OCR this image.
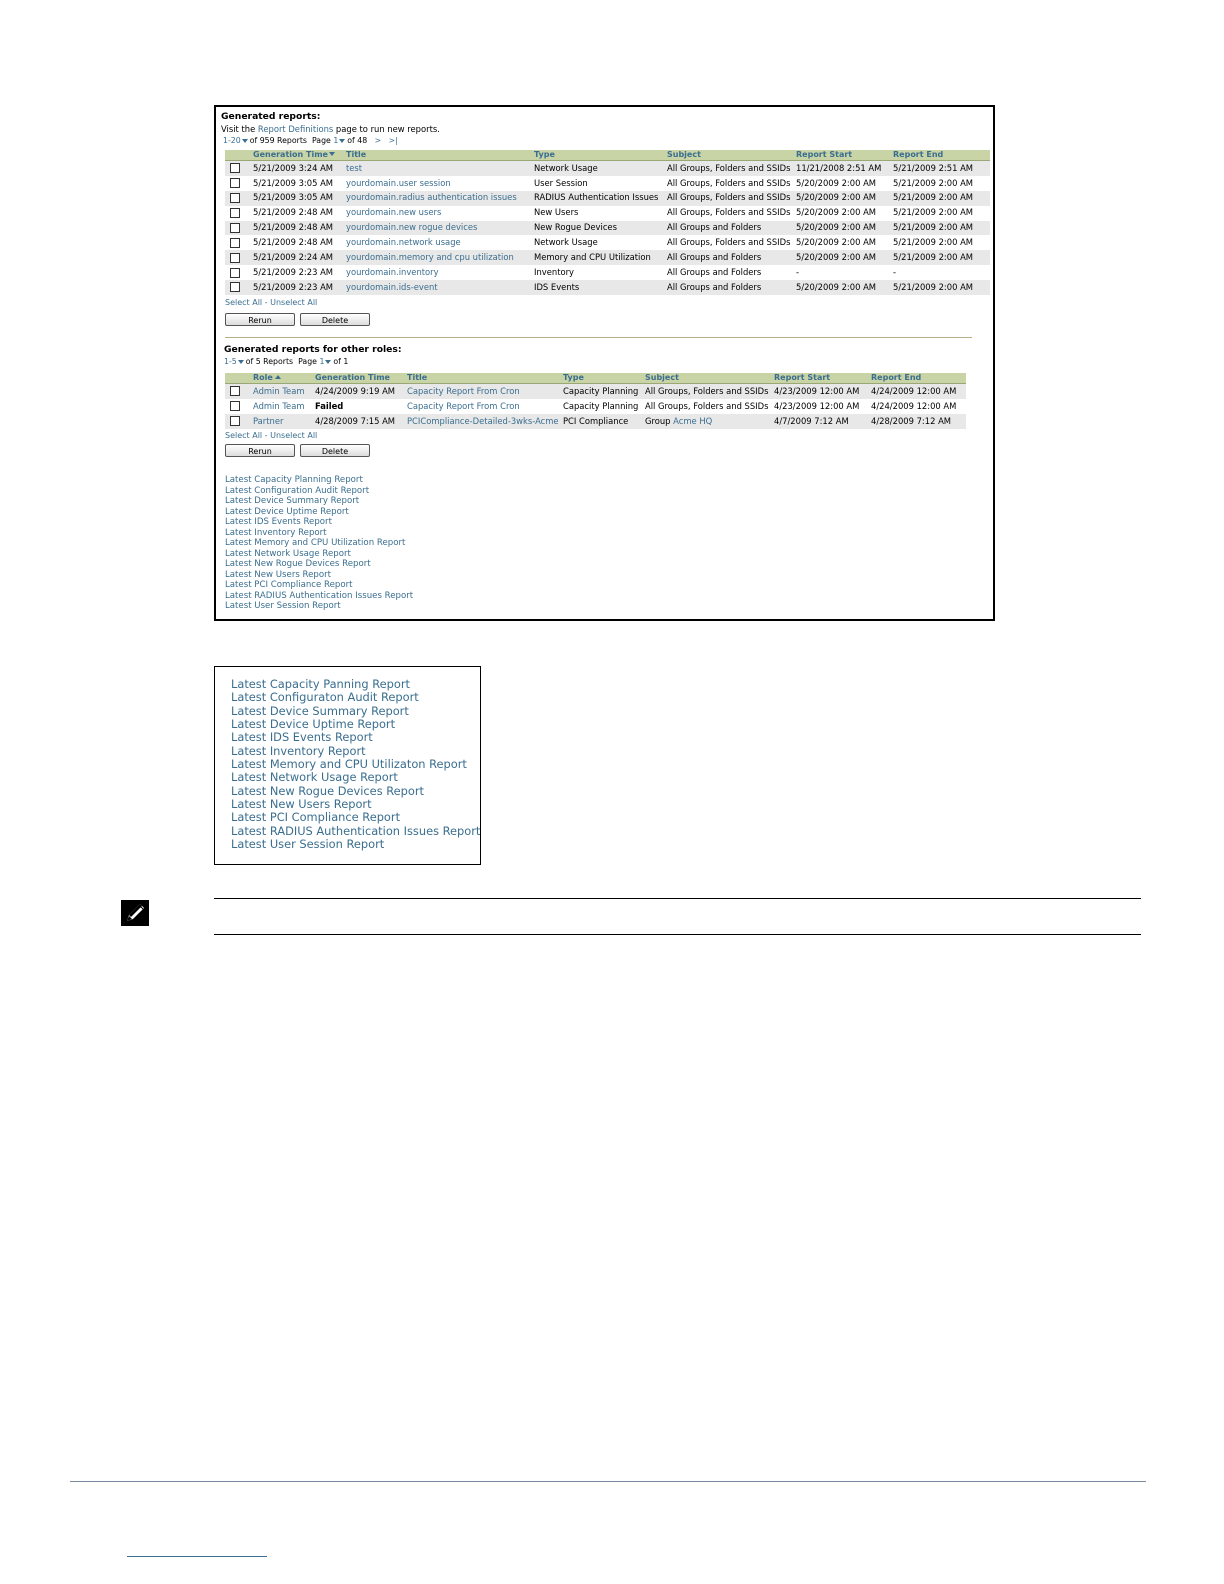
Generated reports:
Visit the Report Definitions page to run new reports.
1-20 of 959 Reports Page 1 of 48 > >|
	Generation Time	Title	Type	Subject	Report Start	Report End
	5/21/2009 3:24 AM	test	Network Usage	All Groups, Folders and SSIDs	11/21/2008 2:51 AM	5/21/2009 2:51 AM
	5/21/2009 3:05 AM	yourdomain.user session	User Session	All Groups, Folders and SSIDs	5/20/2009 2:00 AM	5/21/2009 2:00 AM
	5/21/2009 3:05 AM	yourdomain.radius authentication issues	RADIUS Authentication Issues	All Groups, Folders and SSIDs	5/20/2009 2:00 AM	5/21/2009 2:00 AM
	5/21/2009 2:48 AM	yourdomain.new users	New Users	All Groups, Folders and SSIDs	5/20/2009 2:00 AM	5/21/2009 2:00 AM
	5/21/2009 2:48 AM	yourdomain.new rogue devices	New Rogue Devices	All Groups and Folders	5/20/2009 2:00 AM	5/21/2009 2:00 AM
	5/21/2009 2:48 AM	yourdomain.network usage	Network Usage	All Groups, Folders and SSIDs	5/20/2009 2:00 AM	5/21/2009 2:00 AM
	5/21/2009 2:24 AM	yourdomain.memory and cpu utilization	Memory and CPU Utilization	All Groups and Folders	5/20/2009 2:00 AM	5/21/2009 2:00 AM
	5/21/2009 2:23 AM	yourdomain.inventory	Inventory	All Groups and Folders	-	-
	5/21/2009 2:23 AM	yourdomain.ids-event	IDS Events	All Groups and Folders	5/20/2009 2:00 AM	5/21/2009 2:00 AM
Select All - Unselect All
Rerun	Delete
Generated reports for other roles:
1-5 of 5 Reports Page 1 of 1
	Role	Generation Time	Title	Type	Subject	Report Start	Report End
	Admin Team	4/24/2009 9:19 AM	Capacity Report From Cron	Capacity Planning	All Groups, Folders and SSIDs	4/23/2009 12:00 AM	4/24/2009 12:00 AM
	Admin Team	Failed	Capacity Report From Cron	Capacity Planning	All Groups, Folders and SSIDs	4/23/2009 12:00 AM	4/24/2009 12:00 AM
	Partner	4/28/2009 7:15 AM	PCICompliance-Detailed-3wks-Acme	PCI Compliance	Group Acme HQ	4/7/2009 7:12 AM	4/28/2009 7:12 AM
Select All - Unselect All
Rerun	Delete
Latest Capacity Planning Report
Latest Configuration Audit Report
Latest Device Summary Report
Latest Device Uptime Report
Latest IDS Events Report
Latest Inventory Report
Latest Memory and CPU Utilization Report
Latest Network Usage Report
Latest New Rogue Devices Report
Latest New Users Report
Latest PCI Compliance Report
Latest RADIUS Authentication Issues Report
Latest User Session Report
Latest Capacity Panning Report
Latest Configuraton Audit Report
Latest Device Summary Report
Latest Device Uptime Report
Latest IDS Events Report
Latest Inventory Report
Latest Memory and CPU Utilizaton Report
Latest Network Usage Report
Latest New Rogue Devices Report
Latest New Users Report
Latest PCI Compliance Report
Latest RADIUS Authentication Issues Report
Latest User Session Report
